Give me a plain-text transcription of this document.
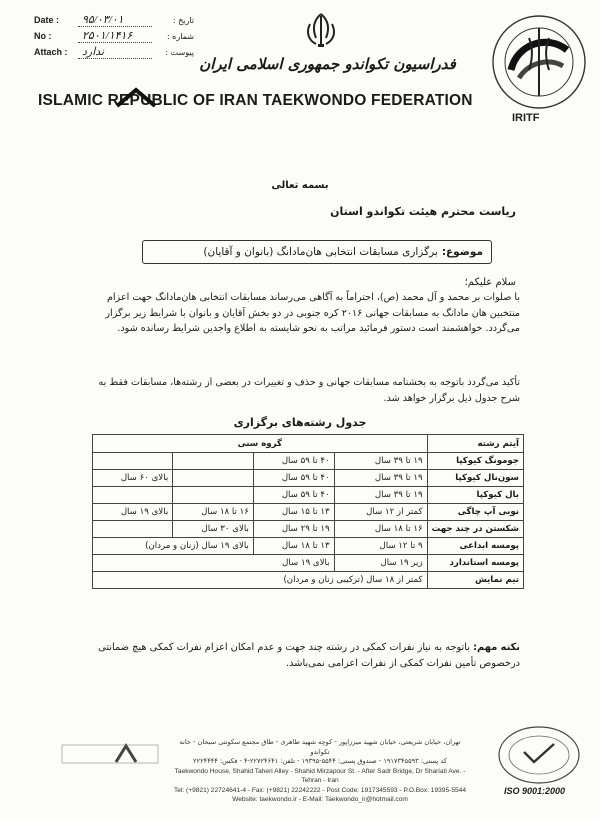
Date :	۹۵/۰۳/۰۱	تاریخ :
No :	۲۵۰۱/۱۴۱۶	شماره :
Attach :	ندارد	پیوست :
فدراسیون تکواندو جمهوری اسلامی ایران
ISLAMIC REPUBLIC OF IRAN TAEKWONDO FEDERATION
IRITF
بسمه تعالی
ریاست محترم هیئت تکواندو استان
موضوع:
برگزاری مسابقات انتخابی هان‌مادانگ (بانوان و آقایان)
سلام علیکم؛
با صلوات بر محمد و آل محمد (ص)، احتراماً به آگاهی می‌رساند مسابقات انتخابی هان‌مادانگ جهت اعزام منتخبین هان مادانگ به مسابقات جهانی ۲۰۱۶ کره جنوبی در دو بخش آقایان و بانوان با شرایط زیر برگزار می‌گردد. خواهشمند است دستور فرمائید مراتب به نحو شایسته به اطلاع واجدین شرایط رسانده شود.
تأکید می‌گردد باتوجه به بخشنامه مسابقات جهانی و حذف و تغییرات در بعضی از رشته‌ها، مسابقات فقط به شرح جدول ذیل برگزار خواهد شد.
جدول رشته‌های برگزاری
آیتم رشته	گروه سنی			
جومونگ کیوکپا	۱۹ تا ۳۹ سال	۴۰ تا ۵۹ سال		
سون‌نال کیوکپا	۱۹ تا ۳۹ سال	۴۰ تا ۵۹ سال		بالای ۶۰ سال
بال کیوکپا	۱۹ تا ۳۹ سال	۴۰ تا ۵۹ سال		
نوبی آپ چاگی	کمتر از ۱۲ سال	۱۳ تا ۱۵ سال	۱۶ تا ۱۸ سال	بالای ۱۹ سال
شکستن در چند جهت	۱۶ تا ۱۸ سال	۱۹ تا ۲۹ سال	بالای ۳۰ سال	
پومسه ابداعی	۹ تا ۱۲ سال	۱۳ تا ۱۸ سال	بالای ۱۹ سال (زنان و مردان)	
پومسه استاندارد	زیر ۱۹ سال	بالای ۱۹ سال		
تیم نمایش	کمتر از ۱۸ سال (ترکیبی زنان و مردان)			
نکته مهم: باتوجه به نیاز نفرات کمکی در رشته چند جهت و عدم امکان اعزام نفرات کمکی هیچ ضمانتی درخصوص تأمین نفرات کمکی از نفرات اعزامی نمی‌باشد.
تهران، خیابان شریعتی، خیابان شهید میرزاپور - کوچه شهید طاهری - طاق مجتمع سکونتی سبحان - خانه تکواندو
کد پستی: ۱۹۱۷۳۴۵۵۹۳ - صندوق پستی: ۵۵۴۴-۱۹۳۹۵ - تلفن: ۲۲۷۲۴۶۴۱-۴ - فکس: ۲۲۲۴۴۴۴
Taekwondo House, Shahid Taheri Alley - Shahid Mirzapour St. - After Sadr Bridge, Dr Shariati Ave. - Tehran - Iran
Tel: (+9821) 22724641-4 - Fax: (+9821) 22242222 - Post Code: 1917345593 - P.O.Box: 19395-5544
Website: taekwondo.ir - E-Mail: Taekwondo_ir@hotmail.com
ISO 9001:2000
